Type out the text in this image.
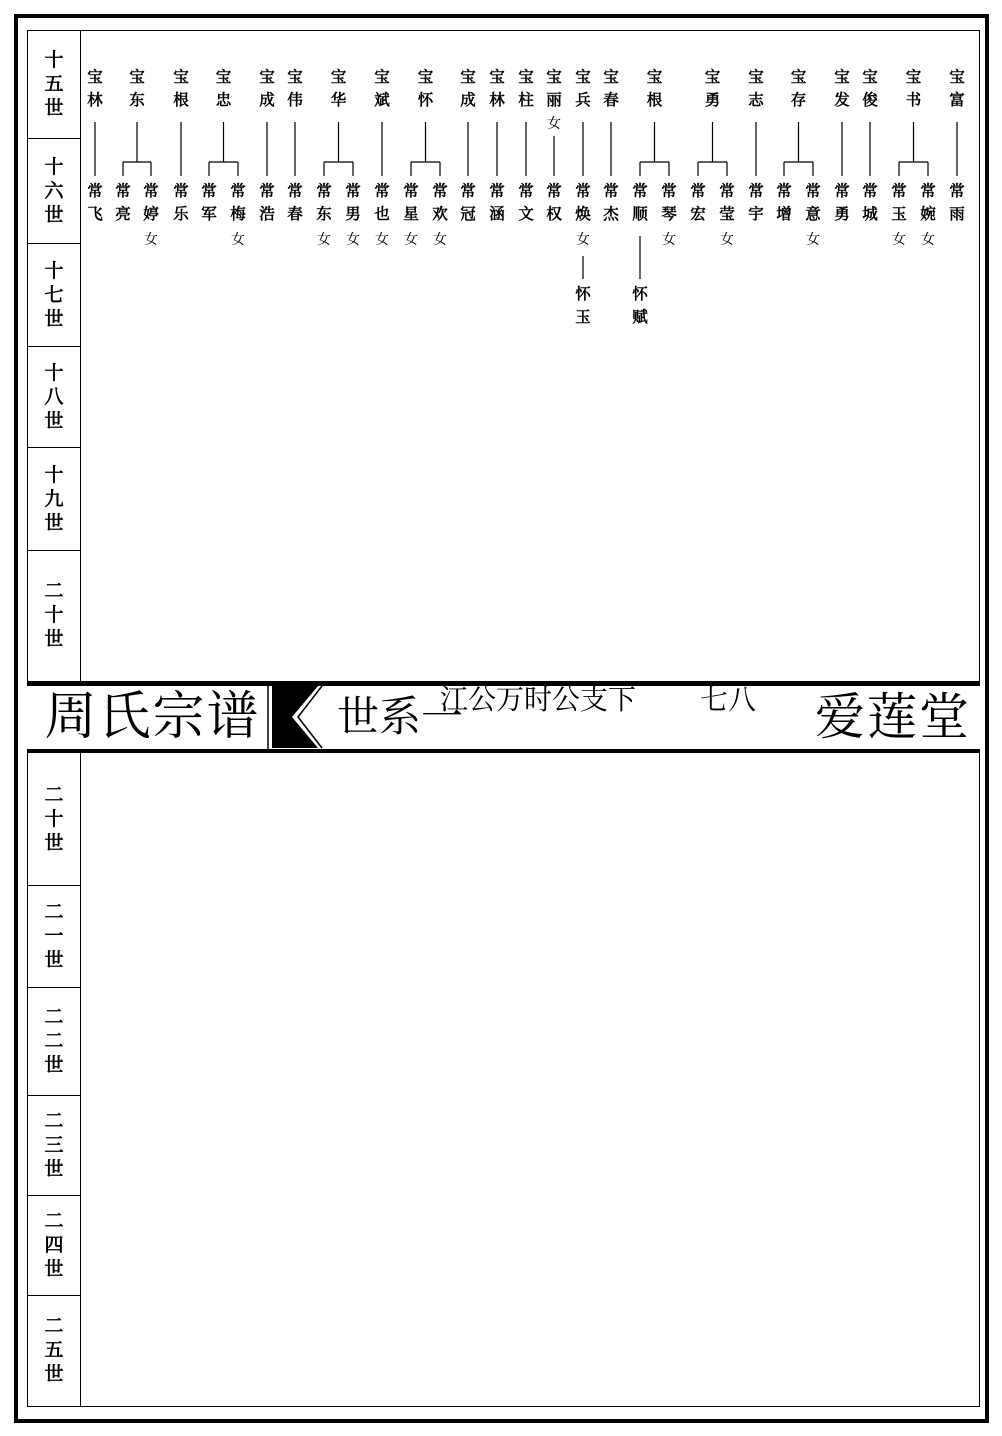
十
五
世
十
六
世
十
七
世
十
八
世
十
九
世
二
十
世
二
十
世
二
一
世
二
二
世
二
三
世
二
四
世
二
五
世
周氏宗谱 世系一
江公万时公支下 七八 爱莲堂
宝
林
常
飞
宝
东
常
亮
常
婷
女
宝
根
常
乐
宝
忠
常
军
常
梅
女
宝
成
常
浩
宝
伟
常
春
宝
华
常
东
女
常
男
女
宝
斌
常
也
女
宝
怀
常
星
女
常
欢
女
宝
成
常
冠
宝
林
常
涵
宝
柱
常
文
宝
丽
女
常
权
宝
兵
常
焕
女
怀
玉
宝
春
常
杰
宝
根
常
顺
怀
赋
常
琴
女
宝
勇
常
宏
常
莹
女
宝
志
常
宇
宝
存
常
增
常
意
女
宝
发
常
勇
宝
俊
常
城
宝
书
常
玉
女
常
婉
女
宝
富
常
雨
